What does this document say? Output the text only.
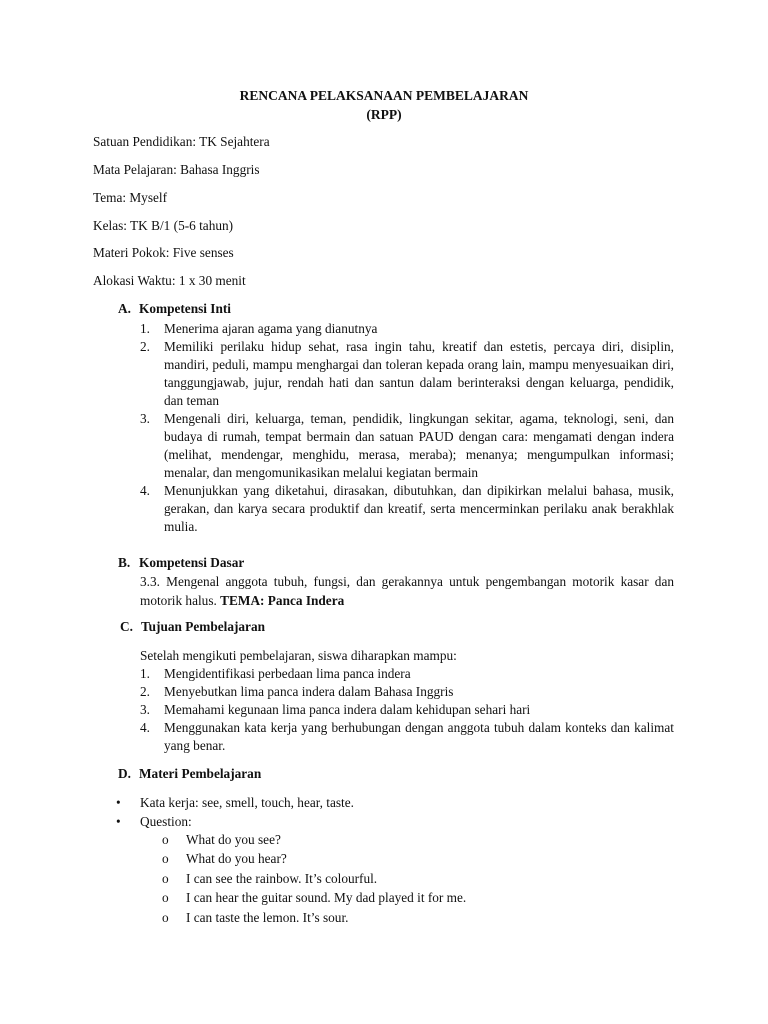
RENCANA PELAKSANAAN PEMBELAJARAN
(RPP)
Satuan Pendidikan: TK Sejahtera
Mata Pelajaran: Bahasa Inggris
Tema: Myself
Kelas: TK B/1 (5-6 tahun)
Materi Pokok: Five senses
Alokasi Waktu: 1 x 30 menit
A. Kompetensi Inti
1. Menerima ajaran agama yang dianutnya
2. Memiliki perilaku hidup sehat, rasa ingin tahu, kreatif dan estetis, percaya diri, disiplin, mandiri, peduli, mampu menghargai dan toleran kepada orang lain, mampu menyesuaikan diri, tanggungjawab, jujur, rendah hati dan santun dalam berinteraksi dengan keluarga, pendidik, dan teman
3. Mengenali diri, keluarga, teman, pendidik, lingkungan sekitar, agama, teknologi, seni, dan budaya di rumah, tempat bermain dan satuan PAUD dengan cara: mengamati dengan indera (melihat, mendengar, menghidu, merasa, meraba); menanya; mengumpulkan informasi; menalar, dan mengomunikasikan melalui kegiatan bermain
4. Menunjukkan yang diketahui, dirasakan, dibutuhkan, dan dipikirkan melalui bahasa, musik, gerakan, dan karya secara produktif dan kreatif, serta mencerminkan perilaku anak berakhlak mulia.
B. Kompetensi Dasar
3.3. Mengenal anggota tubuh, fungsi, dan gerakannya untuk pengembangan motorik kasar dan motorik halus. TEMA: Panca Indera
C. Tujuan Pembelajaran
Setelah mengikuti pembelajaran, siswa diharapkan mampu:
1. Mengidentifikasi perbedaan lima panca indera
2. Menyebutkan lima panca indera dalam Bahasa Inggris
3. Memahami kegunaan lima panca indera dalam kehidupan sehari hari
4. Menggunakan kata kerja yang berhubungan dengan anggota tubuh dalam konteks dan kalimat yang benar.
D. Materi Pembelajaran
• Kata kerja: see, smell, touch, hear, taste.
• Question:
o What do you see?
o What do you hear?
o I can see the rainbow. It’s colourful.
o I can hear the guitar sound. My dad played it for me.
o I can taste the lemon. It’s sour.
